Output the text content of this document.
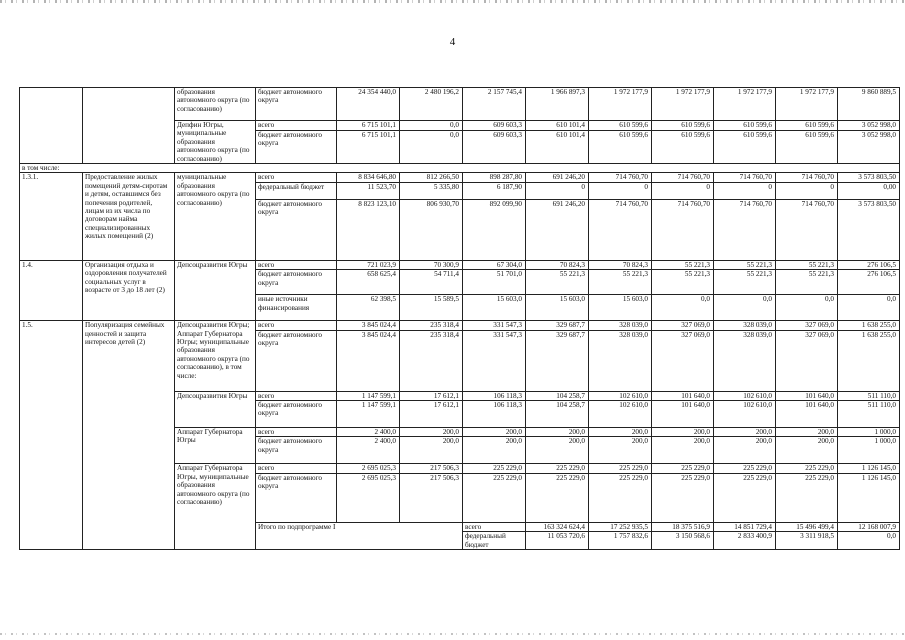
4
		образования автономного округа (по согласованию)	бюджет автономного округа	24 354 440,0	2 480 196,2	2 157 745,4	1 966 897,3	1 972 177,9	1 972 177,9	1 972 177,9	1 972 177,9	9 860 889,5	
		Депфин Югры, муниципальные образования автономного округа (по согласованию)	всего	6 715 101,1	0,0	609 603,3	610 101,4	610 599,6	610 599,6	610 599,6	610 599,6	3 052 998,0	
			бюджет автономного округа	6 715 101,1	0,0	609 603,3	610 101,4	610 599,6	610 599,6	610 599,6	610 599,6	3 052 998,0	
в том числе:													
1.3.1.	Предоставление жилых помещений детям-сиротам и детям, оставшимся без попечения родителей, лицам из их числа по договорам найма специализированных жилых помещений (2)	муниципальные образования автономного округа (по согласованию)	всего	8 834 646,80	812 266,50	898 287,80	691 246,20	714 760,70	714 760,70	714 760,70	714 760,70	3 573 803,50	
			федеральный бюджет	11 523,70	5 335,80	6 187,90	0	0	0	0	0	0,00	
			бюджет автономного округа	8 823 123,10	806 930,70	892 099,90	691 246,20	714 760,70	714 760,70	714 760,70	714 760,70	3 573 803,50	
1.4.	Организация отдыха и оздоровления получателей социальных услуг в возрасте от 3 до 18 лет (2)	Депсоцразвития Югры	всего	721 023,9	70 300,9	67 304,0	70 824,3	70 824,3	55 221,3	55 221,3	55 221,3	276 106,5	
			бюджет автономного округа	658 625,4	54 711,4	51 701,0	55 221,3	55 221,3	55 221,3	55 221,3	55 221,3	276 106,5	
			иные источники финансирования	62 398,5	15 589,5	15 603,0	15 603,0	15 603,0	0,0	0,0	0,0	0,0	
1.5.	Популяризация семейных ценностей и защита интересов детей (2)	Депсоцразвития Югры; Аппарат Губернатора Югры; муниципальные образования автономного округа (по согласованию), в том числе:	всего	3 845 024,4	235 318,4	331 547,3	329 687,7	328 039,0	327 069,0	328 039,0	327 069,0	1 638 255,0	
			бюджет автономного округа	3 845 024,4	235 318,4	331 547,3	329 687,7	328 039,0	327 069,0	328 039,0	327 069,0	1 638 255,0	
		Депсоцразвития Югры	всего	1 147 599,1	17 612,1	106 118,3	104 258,7	102 610,0	101 640,0	102 610,0	101 640,0	511 110,0	
			бюджет автономного округа	1 147 599,1	17 612,1	106 118,3	104 258,7	102 610,0	101 640,0	102 610,0	101 640,0	511 110,0	
		Аппарат Губернатора Югры	всего	2 400,0	200,0	200,0	200,0	200,0	200,0	200,0	200,0	1 000,0	
			бюджет автономного округа	2 400,0	200,0	200,0	200,0	200,0	200,0	200,0	200,0	1 000,0	
		Аппарат Губернатора Югры, муниципальные образования автономного округа (по согласованию)	всего	2 695 025,3	217 506,3	225 229,0	225 229,0	225 229,0	225 229,0	225 229,0	225 229,0	1 126 145,0	
			бюджет автономного округа	2 695 025,3	217 506,3	225 229,0	225 229,0	225 229,0	225 229,0	225 229,0	225 229,0	1 126 145,0	
			Итого по подпрограмме I			всего	163 324 624,4	17 252 935,5	18 375 516,9	14 851 729,4	15 496 499,4	12 168 007,9			
						федеральный бюджет	11 053 720,6	1 757 832,6	3 150 568,6	2 833 400,9	3 311 918,5	0,0			
